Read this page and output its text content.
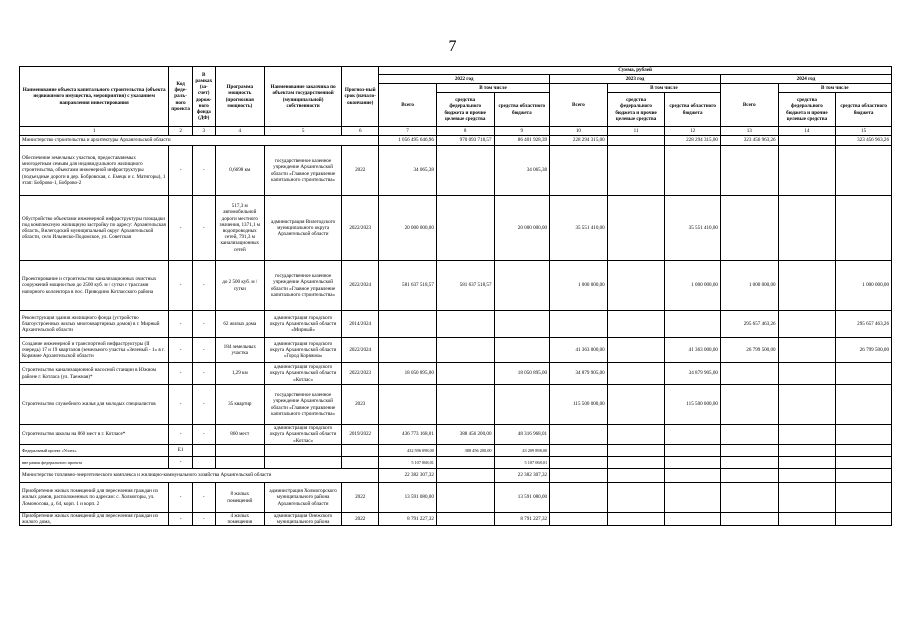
7
Наименование объекта капитального строительства (объекта недвижимого имущества, мероприятия) с указанием направления инвестирования	Код феде-раль-ного проекта	В рамках (за-счет) дорож-ного фонда (ДФ)	Программа мощность (прогнозная мощность)	Наименование заказчика по объектам государственной (муниципальной) собственности	Прогноз-ный срок (начало-окончание)	Сумма, рублей								
						2022 год			2023 год			2024 год		
						Всего	В том числе		Всего	В том числе		Всего	В том числе	
							средства федерального бюджета и прочие целевые средства	средства областного бюджета		средства федерального бюджета и прочие целевые средства	средства областного бюджета		средства федерального бюджета и прочие целевые средства	средства областного бюджета
1	2	3	4	5	6	7	8	9	10	11	12	13	14	15
Министерство строительства и архитектуры Архангельской области						1 056 495 646,96	970 093 718,57	86 401 928,39	228 294 315,00		228 294 315,00	323 456 963,26		323 456 963,26
Обеспечение земельных участков, предоставляемых многодетным семьям для индивидуального жилищного строительства, объектами инженерной инфраструктуры (подъездные дороги в дер. Бобровская, с. Емецк и с. Матигоры), 1 этап: Боброво-1, Боброво-2	-	-	0,6698 км	государственное казенное учреждение Архангельской области «Главное управление капитального строительства»	2022	34 065,38		34 065,38						
Обустройство объектами инженерной инфраструктуры площадки под комплексную жилищную застройку по адресу: Архангельская область, Вилегодский муниципальный округ Архангельской области, село Ильинско-Подомское, ул. Советская	-	-	517,3 м автомобильной дороги местного значения, 1371,1 м водопроводных сетей, 791,3 м канализационных сетей	администрация Вилегодского муниципального округа Архангельской области	2022/2023	20 000 000,00		20 000 000,00	35 551 410,00		35 551 410,00			
Проектирование и строительство канализационных очистных сооружений мощностью до 2500 куб. м / сутки с трассами напорного коллектора в пос. Приводино Котласского района	-	-	до 2 500 куб. м / сутки	государственное казенное учреждение Архангельской области «Главное управление капитального строительства»	2022/2024	581 637 518,57	581 637 518,57		1 000 000,00		1 000 000,00	1 000 000,00		1 000 000,00
Реконструкция здания жилищного фонда (устройство благоустроенных жилых многоквартирных домов) в г. Мирный Архангельской области	-	-	62 жилых дома	администрация городского округа Архангельской области «Мирный»	2014/2024							295 657 463,26		295 657 463,26
Создание инженерной и транспортной инфраструктуры (II очередь) 17 и 19 кварталов (земельного участка «Зеленый - 1» в г. Коряжме Архангельской области	-	-	184 земельных участка	администрация городского округа Архангельской области «Город Коряжма»	2022/2024				41 363 000,00		41 363 000,00	26 799 500,00		26 799 500,00
Строительство канализационной насосной станции в Южном районе г. Котласа (ул. Таежная)*	-	-	1,29 км	администрация городского округа Архангельской области «Котлас»	2022/2023	18 050 895,00		18 050 895,00	34 879 905,00		34 879 905,00			
Строительство служебного жилья для молодых специалистов	-	-	35 квартир	государственное казенное учреждение Архангельской области «Главное управление капитального строительства»	2023				115 500 000,00		115 500 000,00			
Строительство школы на 860 мест в г. Котласе*	-	-	860 мест	администрация городского округа Архангельской области «Котлас»	2019/2022	436 773 168,01	388 456 200,00	48 316 968,01						
Федеральный проект «Успех»	Е1					432 596 098,00	388 456 200,00	43 209 898,00						
вне рамок федерального проекта	-					5 107 068,01		5 107 068,01						
Министерство топливно-энергетического комплекса и жилищно-коммунального хозяйства Архангельской области						22 382 307,32		22 382 307,32						
Приобретение жилых помещений для переселения граждан из жилых домов, расположенных по адресам: с. Холмогоры, ул. Ломоносова, д. 64, корп. 1 и корп. 2	-	-	8 жилых помещений	администрация Холмогорского муниципального района Архангельской области	2022	13 591 080,00		13 591 080,00						
Приобретение жилых помещений для переселения граждан из жилого дома,	-	-	4 жилых помещения	администрация Онежского муниципального района	2022	8 791 227,32		8 791 227,32						
